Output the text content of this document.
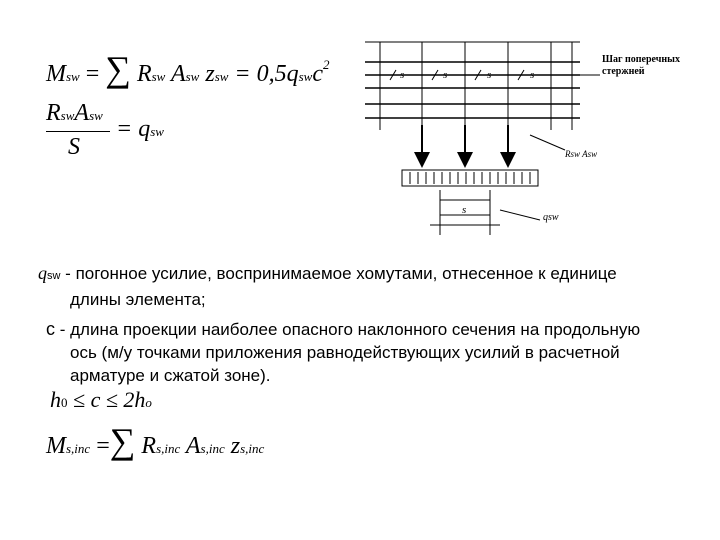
Msw = ∑ Rsw Asw zsw = 0,5qswc$^2$
RswAsw
S
= qsw
s	s	s	s
Шаг поперечных
стержней
Rsw Asw
s
qsw
qsw - погонное усилие, воспринимаемое хомутами, отнесенное к единице
длины элемента;
c - длина проекции наиболее опасного наклонного сечения на продольную
ось (м/у точками приложения равнодействующих усилий в расчетной
арматуре и сжатой зоне).
h0 ≤ c ≤ 2ho
Ms,inc =∑ Rs,inc As,inc zs,inc
